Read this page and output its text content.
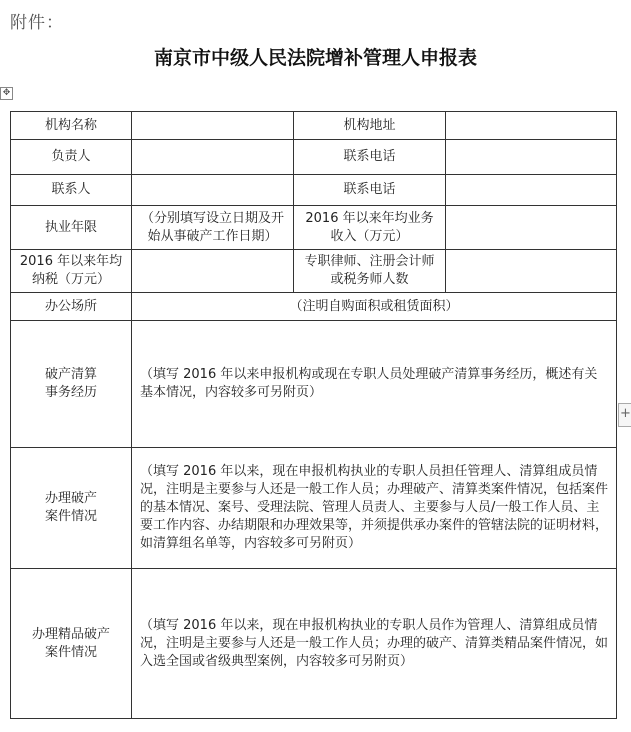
附件：
南京市中级人民法院增补管理人申报表
✥
+
机构名称		机构地址	
负责人		联系电话	
联系人		联系电话	
执业年限	（分别填写设立日期及开始从事破产工作日期）	2016 年以来年均业务收入（万元）	
2016 年以来年均纳税（万元）		专职律师、注册会计师或税务师人数	
办公场所	（注明自购面积或租赁面积）		
破产清算
事务经历	（填写 2016 年以来申报机构或现在专职人员处理破产清算事务经历，概述有关基本情况，内容较多可另附页）		
办理破产
案件情况	（填写 2016 年以来，现在申报机构执业的专职人员担任管理人、清算组成员情况，注明是主要参与人还是一般工作人员；办理破产、清算类案件情况，包括案件的基本情况、案号、受理法院、管理人员责人、主要参与人员/一般工作人员、主要工作内容、办结期限和办理效果等，并须提供承办案件的管辖法院的证明材料，如清算组名单等，内容较多可另附页）		
办理精品破产
案件情况	（填写 2016 年以来，现在申报机构执业的专职人员作为管理人、清算组成员情况，注明是主要参与人还是一般工作人员；办理的破产、清算类精品案件情况，如入选全国或省级典型案例，内容较多可另附页）		
